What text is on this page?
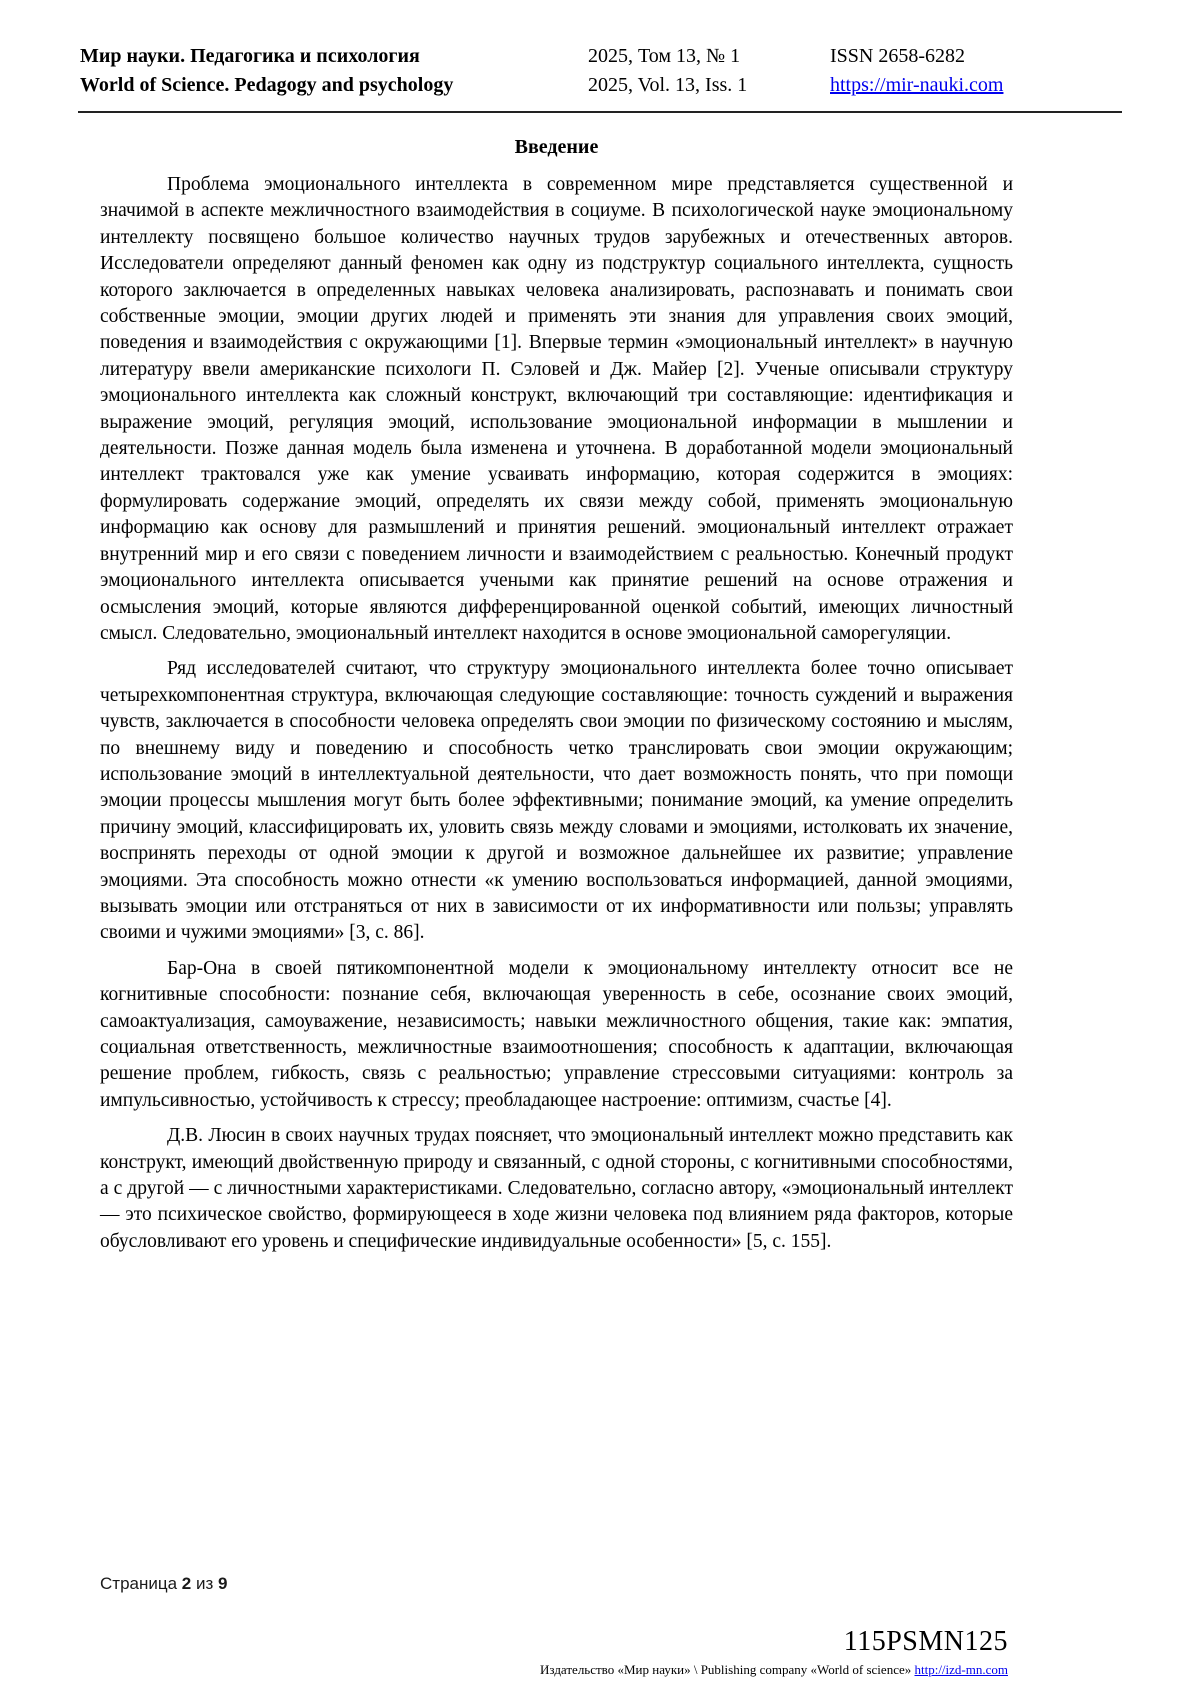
Мир науки. Педагогика и психология
World of Science. Pedagogy and psychology
2025, Том 13, № 1
2025, Vol. 13, Iss. 1
ISSN 2658-6282
https://mir-nauki.com
Введение

Проблема эмоционального интеллекта в современном мире представляется существенной и значимой в аспекте межличностного взаимодействия в социуме. В психологической науке эмоциональному интеллекту посвящено большое количество научных трудов зарубежных и отечественных авторов. Исследователи определяют данный феномен как одну из подструктур социального интеллекта, сущность которого заключается в определенных навыках человека анализировать, распознавать и понимать свои собственные эмоции, эмоции других людей и применять эти знания для управления своих эмоций, поведения и взаимодействия с окружающими [1]. Впервые термин «эмоциональный интеллект» в научную литературу ввели американские психологи П. Сэловей и Дж. Майер [2]. Ученые описывали структуру эмоционального интеллекта как сложный конструкт, включающий три составляющие: идентификация и выражение эмоций, регуляция эмоций, использование эмоциональной информации в мышлении и деятельности. Позже данная модель была изменена и уточнена. В доработанной модели эмоциональный интеллект трактовался уже как умение усваивать информацию, которая содержится в эмоциях: формулировать содержание эмоций, определять их связи между собой, применять эмоциональную информацию как основу для размышлений и принятия решений. эмоциональный интеллект отражает внутренний мир и его связи с поведением личности и взаимодействием с реальностью. Конечный продукт эмоционального интеллекта описывается учеными как принятие решений на основе отражения и осмысления эмоций, которые являются дифференцированной оценкой событий, имеющих личностный смысл. Следовательно, эмоциональный интеллект находится в основе эмоциональной саморегуляции.

Ряд исследователей считают, что структуру эмоционального интеллекта более точно описывает четырехкомпонентная структура, включающая следующие составляющие: точность суждений и выражения чувств, заключается в способности человека определять свои эмоции по физическому состоянию и мыслям, по внешнему виду и поведению и способность четко транслировать свои эмоции окружающим; использование эмоций в интеллектуальной деятельности, что дает возможность понять, что при помощи эмоции процессы мышления могут быть более эффективными; понимание эмоций, ка умение определить причину эмоций, классифицировать их, уловить связь между словами и эмоциями, истолковать их значение, воспринять переходы от одной эмоции к другой и возможное дальнейшее их развитие; управление эмоциями. Эта способность можно отнести «к умению воспользоваться информацией, данной эмоциями, вызывать эмоции или отстраняться от них в зависимости от их информативности или пользы; управлять своими и чужими эмоциями» [3, с. 86].

Бар-Она в своей пятикомпонентной модели к эмоциональному интеллекту относит все не когнитивные способности: познание себя, включающая уверенность в себе, осознание своих эмоций, самоактуализация, самоуважение, независимость; навыки межличностного общения, такие как: эмпатия, социальная ответственность, межличностные взаимоотношения; способность к адаптации, включающая решение проблем, гибкость, связь с реальностью; управление стрессовыми ситуациями: контроль за импульсивностью, устойчивость к стрессу; преобладающее настроение: оптимизм, счастье [4].

Д.В. Люсин в своих научных трудах поясняет, что эмоциональный интеллект можно представить как конструкт, имеющий двойственную природу и связанный, с одной стороны, с когнитивными способностями, а с другой — с личностными характеристиками. Следовательно, согласно автору, «эмоциональный интеллект — это психическое свойство, формирующееся в ходе жизни человека под влиянием ряда факторов, которые обусловливают его уровень и специфические индивидуальные особенности» [5, с. 155].

Страница 2 из 9
115PSMN125
Издательство «Мир науки» \ Publishing company «World of science» http://izd-mn.com
